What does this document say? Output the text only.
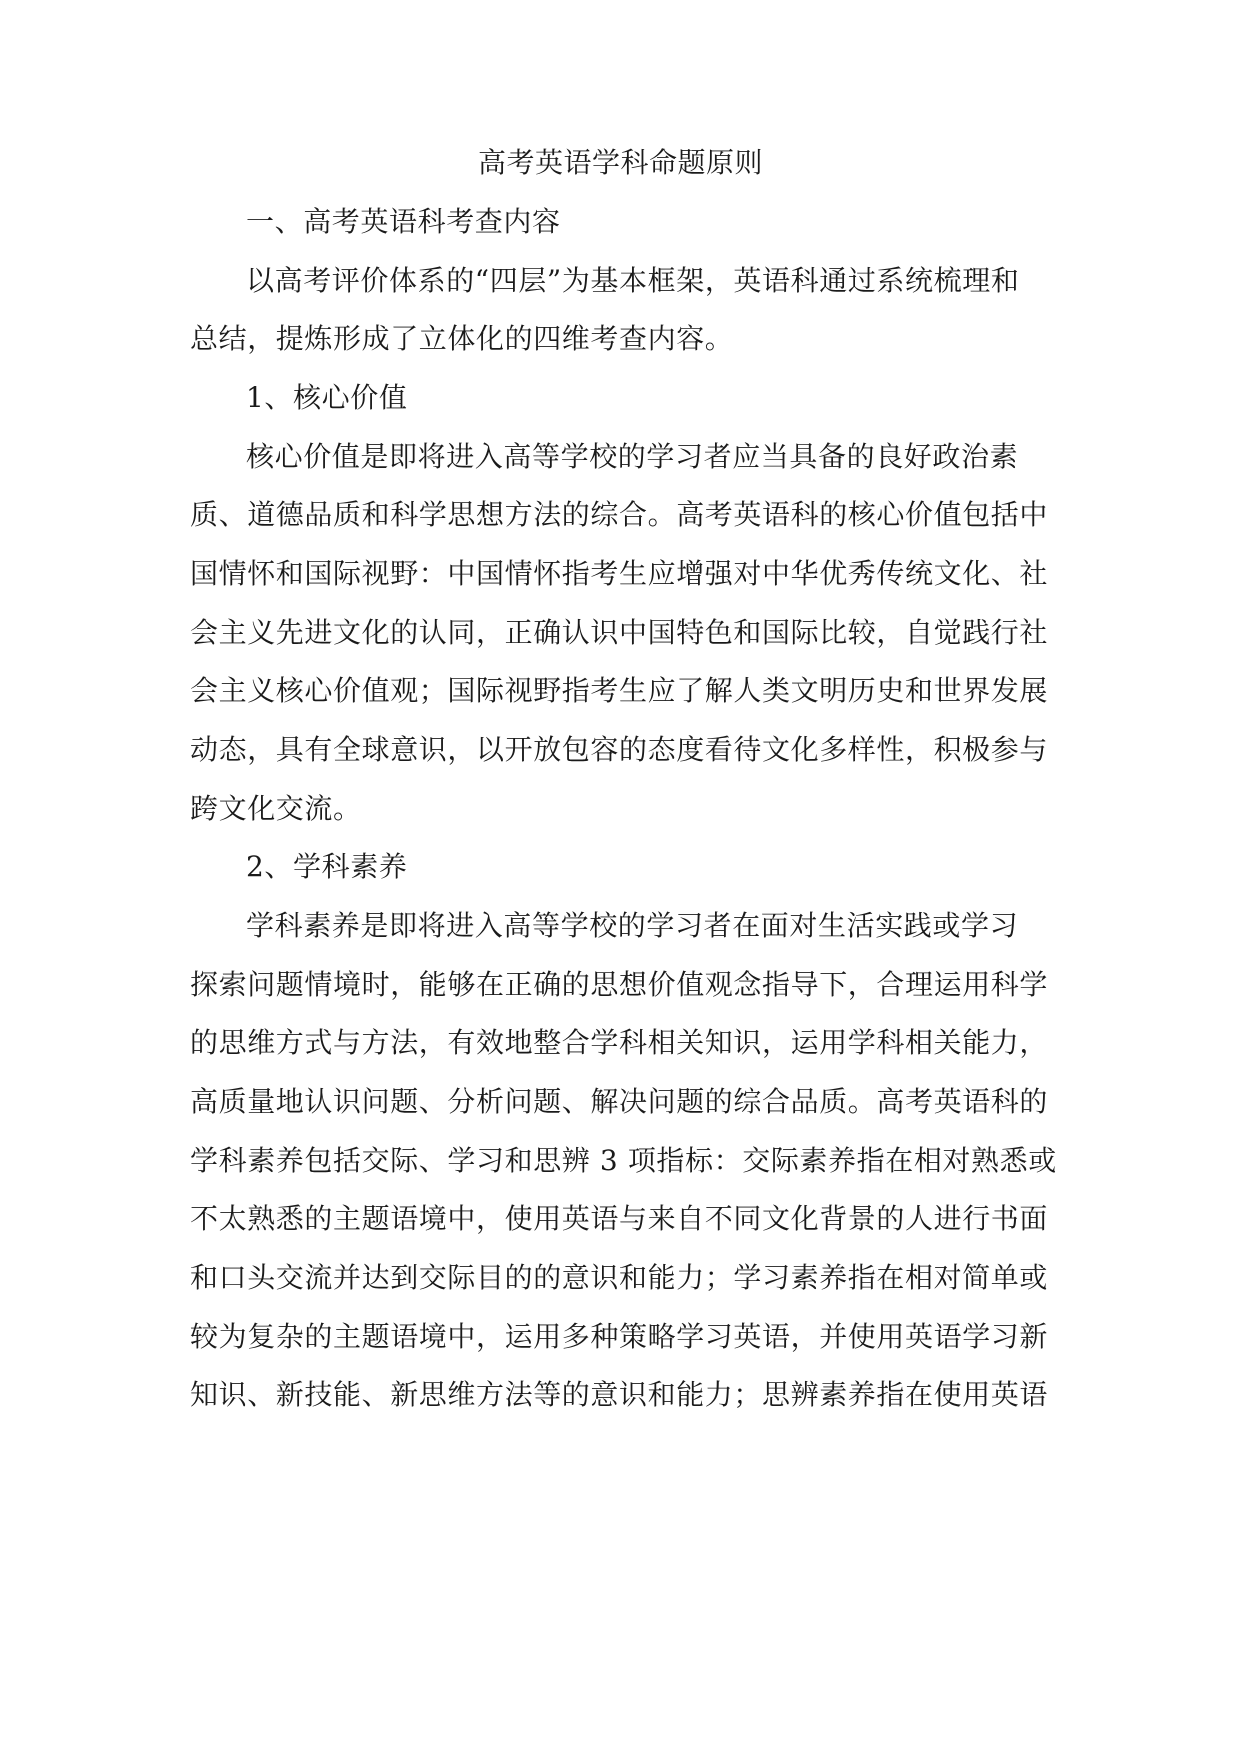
高考英语学科命题原则
一、高考英语科考查内容
以高考评价体系的“四层”为基本框架，英语科通过系统梳理和
总结，提炼形成了立体化的四维考查内容。
1、核心价值
核心价值是即将进入高等学校的学习者应当具备的良好政治素
质、道德品质和科学思想方法的综合。高考英语科的核心价值包括中
国情怀和国际视野：中国情怀指考生应增强对中华优秀传统文化、社
会主义先进文化的认同，正确认识中国特色和国际比较，自觉践行社
会主义核心价值观；国际视野指考生应了解人类文明历史和世界发展
动态，具有全球意识，以开放包容的态度看待文化多样性，积极参与
跨文化交流。
2、学科素养
学科素养是即将进入高等学校的学习者在面对生活实践或学习
探索问题情境时，能够在正确的思想价值观念指导下，合理运用科学
的思维方式与方法，有效地整合学科相关知识，运用学科相关能力，
高质量地认识问题、分析问题、解决问题的综合品质。高考英语科的
学科素养包括交际、学习和思辨 3 项指标：交际素养指在相对熟悉或
不太熟悉的主题语境中，使用英语与来自不同文化背景的人进行书面
和口头交流并达到交际目的的意识和能力；学习素养指在相对简单或
较为复杂的主题语境中，运用多种策略学习英语，并使用英语学习新
知识、新技能、新思维方法等的意识和能力；思辨素养指在使用英语
